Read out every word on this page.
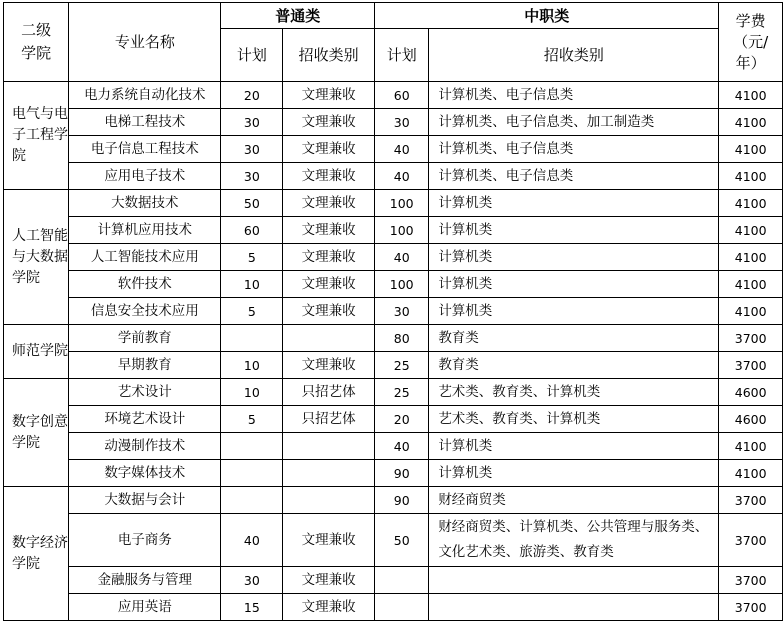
二级学院	专业名称	普通类		中职类		学费（元/年）
		计划	招收类别	计划	招收类别	
电气与电子工程学院	电力系统自动化技术	20	文理兼收	60	计算机类、电子信息类	4100
	电梯工程技术	30	文理兼收	30	计算机类、电子信息类、加工制造类	4100
	电子信息工程技术	30	文理兼收	40	计算机类、电子信息类	4100
	应用电子技术	30	文理兼收	40	计算机类、电子信息类	4100
人工智能与大数据学院	大数据技术	50	文理兼收	100	计算机类	4100
	计算机应用技术	60	文理兼收	100	计算机类	4100
	人工智能技术应用	5	文理兼收	40	计算机类	4100
	软件技术	10	文理兼收	100	计算机类	4100
	信息安全技术应用	5	文理兼收	30	计算机类	4100
师范学院	学前教育			80	教育类	3700
	早期教育	10	文理兼收	25	教育类	3700
数字创意学院	艺术设计	10	只招艺体	25	艺术类、教育类、计算机类	4600
	环境艺术设计	5	只招艺体	20	艺术类、教育类、计算机类	4600
	动漫制作技术			40	计算机类	4100
	数字媒体技术			90	计算机类	4100
数字经济学院	大数据与会计			90	财经商贸类	3700
	电子商务	40	文理兼收	50	财经商贸类、计算机类、公共管理与服务类、文化艺术类、旅游类、教育类	3700
	金融服务与管理	30	文理兼收			3700
	应用英语	15	文理兼收			3700
